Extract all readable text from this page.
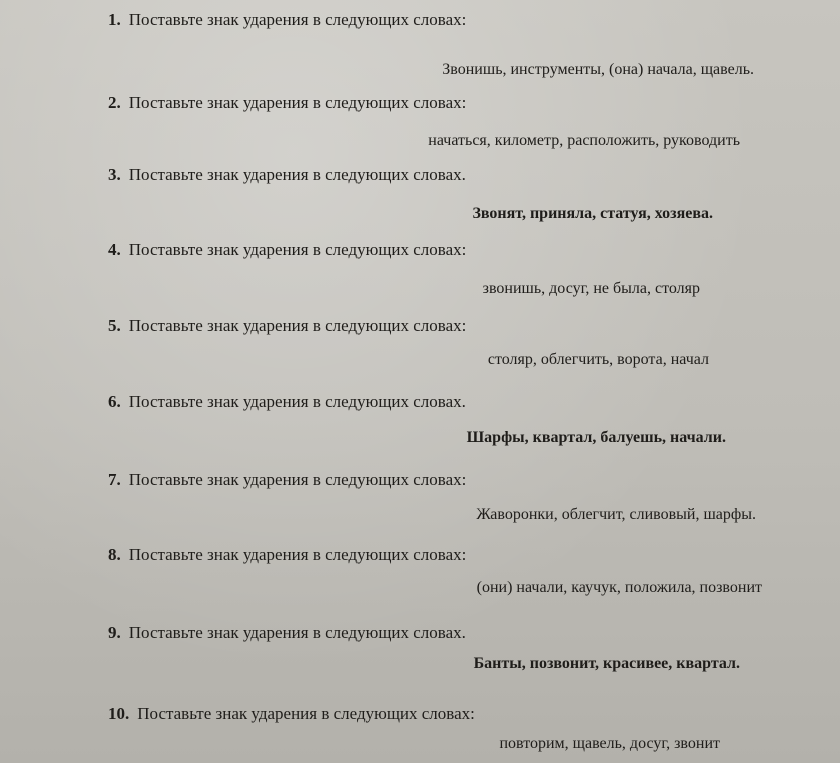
1. Поставьте знак ударения в следующих словах:
Звонишь, инструменты, (она) начала, щавель.
2. Поставьте знак ударения в следующих словах:
начаться, километр, расположить, руководить
3. Поставьте знак ударения в следующих словах.
Звонят, приняла, статуя, хозяева.
4. Поставьте знак ударения в следующих словах:
звонишь, досуг, не была, столяр
5. Поставьте знак ударения в следующих словах:
столяр, облегчить, ворота, начал
6. Поставьте знак ударения в следующих словах.
Шарфы, квартал, балуешь, начали.
7. Поставьте знак ударения в следующих словах:
Жаворонки, облегчит, сливовый, шарфы.
8. Поставьте знак ударения в следующих словах:
(они) начали, каучук, положила, позвонит
9. Поставьте знак ударения в следующих словах.
Банты, позвонит, красивее, квартал.
10. Поставьте знак ударения в следующих словах:
повторим, щавель, досуг, звонит
